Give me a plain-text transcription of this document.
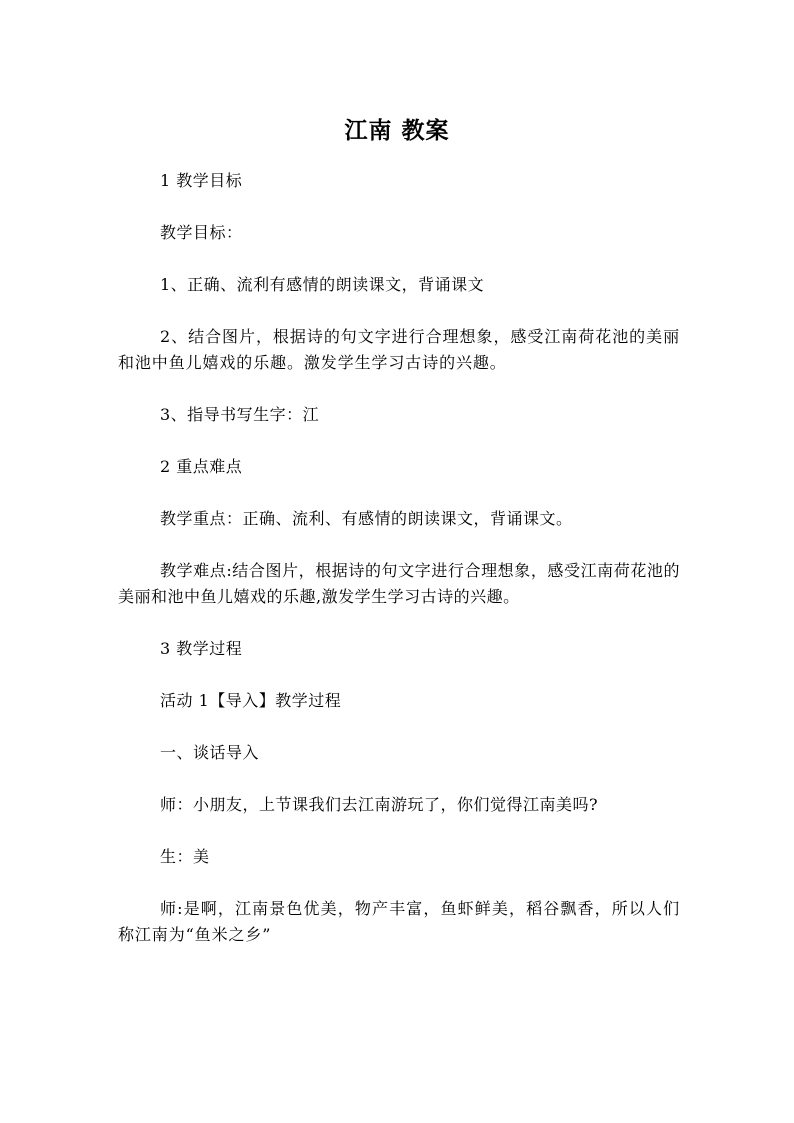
江南 教案

1 教学目标

教学目标：

1、正确、流利有感情的朗读课文，背诵课文

2、结合图片，根据诗的句文字进行合理想象，感受江南荷花池的美丽和池中鱼儿嬉戏的乐趣。激发学生学习古诗的兴趣。

3、指导书写生字：江

2 重点难点

教学重点：正确、流利、有感情的朗读课文，背诵课文。

教学难点:结合图片，根据诗的句文字进行合理想象，感受江南荷花池的美丽和池中鱼儿嬉戏的乐趣,激发学生学习古诗的兴趣。

3 教学过程

活动 1【导入】教学过程

一、谈话导入

师：小朋友，上节课我们去江南游玩了，你们觉得江南美吗?

生：美

师:是啊，江南景色优美，物产丰富，鱼虾鲜美，稻谷飘香，所以人们称江南为“鱼米之乡”
